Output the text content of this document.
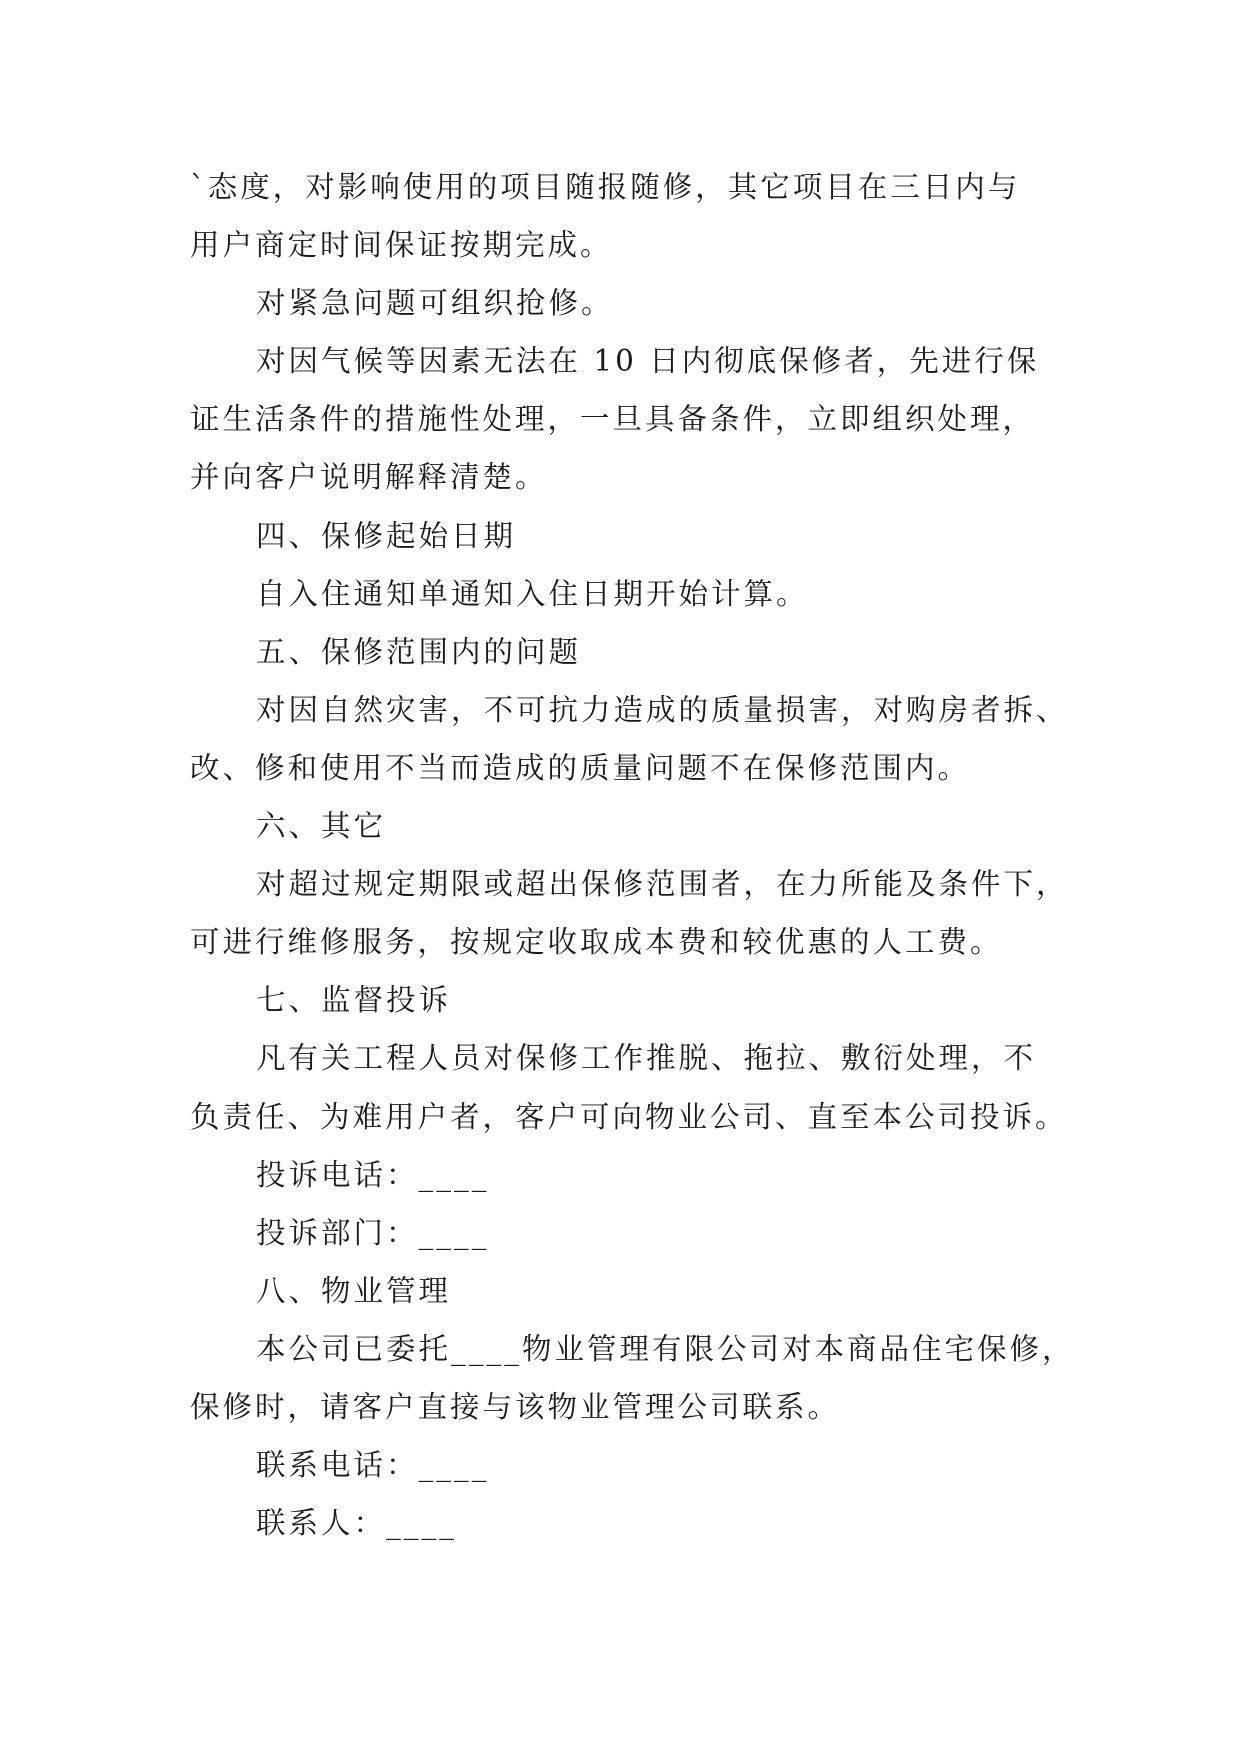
`态度，对影响使用的项目随报随修，其它项目在三日内与

用户商定时间保证按期完成。

对紧急问题可组织抢修。

对因气候等因素无法在 10 日内彻底保修者，先进行保

证生活条件的措施性处理，一旦具备条件，立即组织处理，

并向客户说明解释清楚。

四、保修起始日期

自入住通知单通知入住日期开始计算。

五、保修范围内的问题

对因自然灾害，不可抗力造成的质量损害，对购房者拆、

改、修和使用不当而造成的质量问题不在保修范围内。

六、其它

对超过规定期限或超出保修范围者，在力所能及条件下，

可进行维修服务，按规定收取成本费和较优惠的人工费。

七、监督投诉

凡有关工程人员对保修工作推脱、拖拉、敷衍处理，不

负责任、为难用户者，客户可向物业公司、直至本公司投诉。

投诉电话：____

投诉部门：____

八、物业管理

本公司已委托____物业管理有限公司对本商品住宅保修，

保修时，请客户直接与该物业管理公司联系。

联系电话：____

联系人：____
